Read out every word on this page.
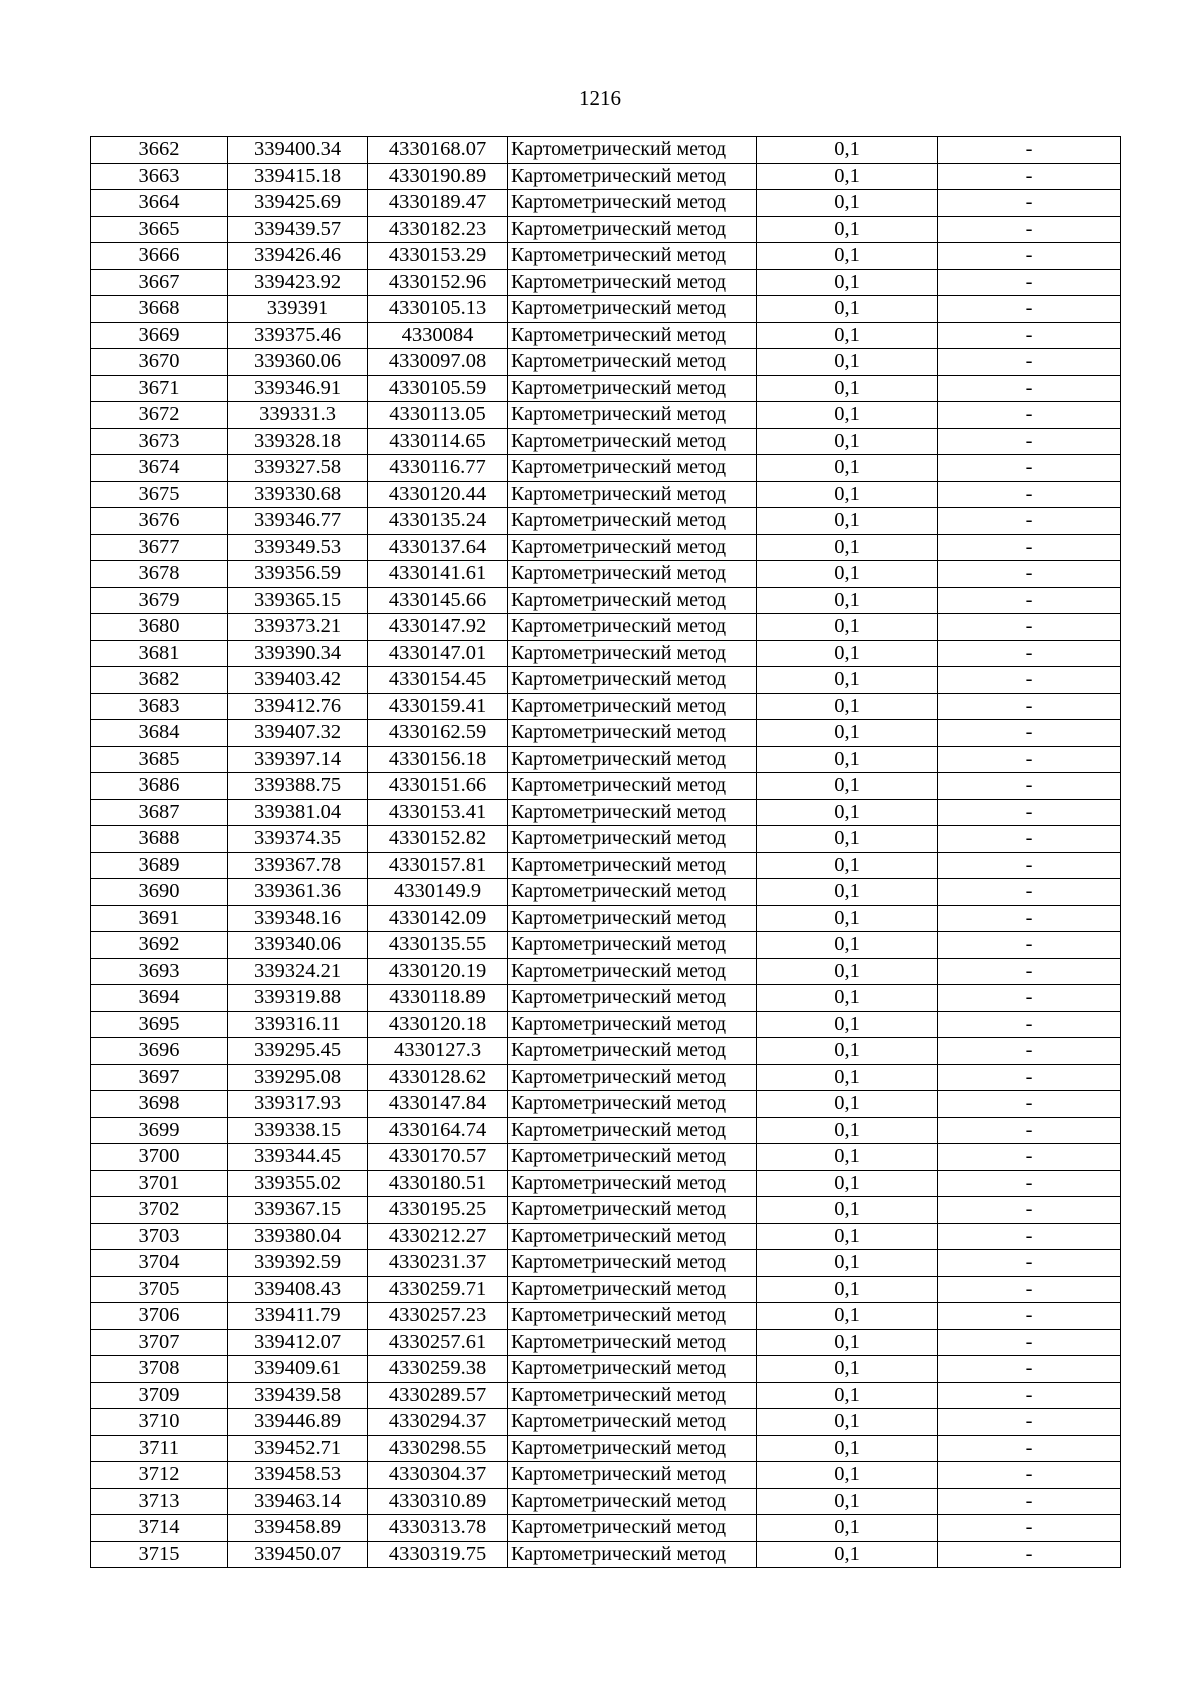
1216
3662	339400.34	4330168.07	Картометрический метод	0,1	-
3663	339415.18	4330190.89	Картометрический метод	0,1	-
3664	339425.69	4330189.47	Картометрический метод	0,1	-
3665	339439.57	4330182.23	Картометрический метод	0,1	-
3666	339426.46	4330153.29	Картометрический метод	0,1	-
3667	339423.92	4330152.96	Картометрический метод	0,1	-
3668	339391	4330105.13	Картометрический метод	0,1	-
3669	339375.46	4330084	Картометрический метод	0,1	-
3670	339360.06	4330097.08	Картометрический метод	0,1	-
3671	339346.91	4330105.59	Картометрический метод	0,1	-
3672	339331.3	4330113.05	Картометрический метод	0,1	-
3673	339328.18	4330114.65	Картометрический метод	0,1	-
3674	339327.58	4330116.77	Картометрический метод	0,1	-
3675	339330.68	4330120.44	Картометрический метод	0,1	-
3676	339346.77	4330135.24	Картометрический метод	0,1	-
3677	339349.53	4330137.64	Картометрический метод	0,1	-
3678	339356.59	4330141.61	Картометрический метод	0,1	-
3679	339365.15	4330145.66	Картометрический метод	0,1	-
3680	339373.21	4330147.92	Картометрический метод	0,1	-
3681	339390.34	4330147.01	Картометрический метод	0,1	-
3682	339403.42	4330154.45	Картометрический метод	0,1	-
3683	339412.76	4330159.41	Картометрический метод	0,1	-
3684	339407.32	4330162.59	Картометрический метод	0,1	-
3685	339397.14	4330156.18	Картометрический метод	0,1	-
3686	339388.75	4330151.66	Картометрический метод	0,1	-
3687	339381.04	4330153.41	Картометрический метод	0,1	-
3688	339374.35	4330152.82	Картометрический метод	0,1	-
3689	339367.78	4330157.81	Картометрический метод	0,1	-
3690	339361.36	4330149.9	Картометрический метод	0,1	-
3691	339348.16	4330142.09	Картометрический метод	0,1	-
3692	339340.06	4330135.55	Картометрический метод	0,1	-
3693	339324.21	4330120.19	Картометрический метод	0,1	-
3694	339319.88	4330118.89	Картометрический метод	0,1	-
3695	339316.11	4330120.18	Картометрический метод	0,1	-
3696	339295.45	4330127.3	Картометрический метод	0,1	-
3697	339295.08	4330128.62	Картометрический метод	0,1	-
3698	339317.93	4330147.84	Картометрический метод	0,1	-
3699	339338.15	4330164.74	Картометрический метод	0,1	-
3700	339344.45	4330170.57	Картометрический метод	0,1	-
3701	339355.02	4330180.51	Картометрический метод	0,1	-
3702	339367.15	4330195.25	Картометрический метод	0,1	-
3703	339380.04	4330212.27	Картометрический метод	0,1	-
3704	339392.59	4330231.37	Картометрический метод	0,1	-
3705	339408.43	4330259.71	Картометрический метод	0,1	-
3706	339411.79	4330257.23	Картометрический метод	0,1	-
3707	339412.07	4330257.61	Картометрический метод	0,1	-
3708	339409.61	4330259.38	Картометрический метод	0,1	-
3709	339439.58	4330289.57	Картометрический метод	0,1	-
3710	339446.89	4330294.37	Картометрический метод	0,1	-
3711	339452.71	4330298.55	Картометрический метод	0,1	-
3712	339458.53	4330304.37	Картометрический метод	0,1	-
3713	339463.14	4330310.89	Картометрический метод	0,1	-
3714	339458.89	4330313.78	Картометрический метод	0,1	-
3715	339450.07	4330319.75	Картометрический метод	0,1	-
